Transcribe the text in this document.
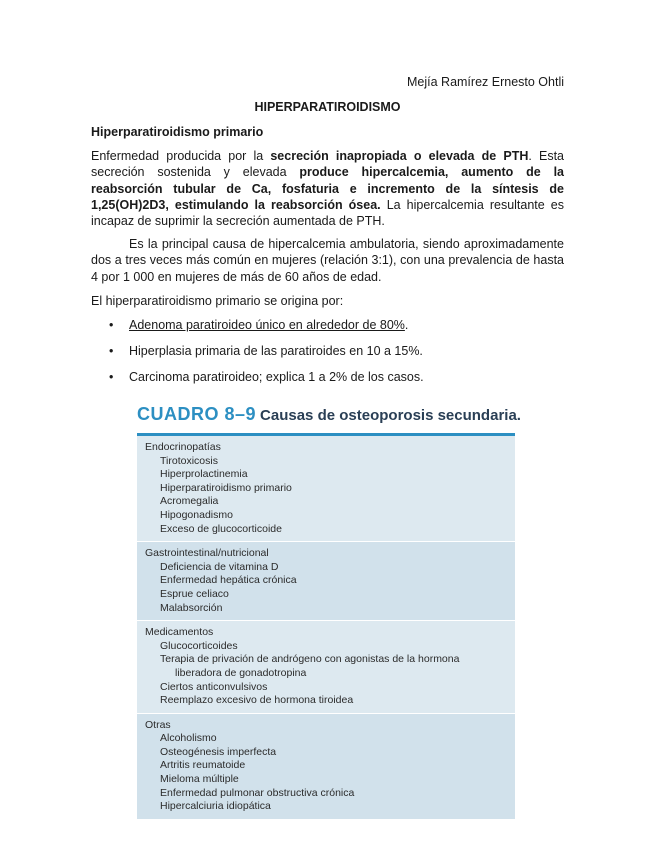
Mejía Ramírez Ernesto Ohtli
HIPERPARATIROIDISMO
Hiperparatiroidismo primario

Enfermedad producida por la secreción inapropiada o elevada de PTH. Esta secreción sostenida y elevada produce hipercalcemia, aumento de la reabsorción tubular de Ca, fosfaturia e incremento de la síntesis de 1,25(OH)2D3, estimulando la reabsorción ósea. La hipercalcemia resultante es incapaz de suprimir la secreción aumentada de PTH.

Es la principal causa de hipercalcemia ambulatoria, siendo aproximadamente dos a tres veces más común en mujeres (relación 3:1), con una prevalencia de hasta 4 por 1 000 en mujeres de más de 60 años de edad.

El hiperparatiroidismo primario se origina por:

• Adenoma paratiroideo único en alrededor de 80%.
• Hiperplasia primaria de las paratiroides en 10 a 15%.
• Carcinoma paratiroideo; explica 1 a 2% de los casos.
CUADRO 8–9 Causas de osteoporosis secundaria.
Endocrinopatías
Tirotoxicosis
Hiperprolactinemia
Hiperparatiroidismo primario
Acromegalia
Hipogonadismo
Exceso de glucocorticoide
Gastrointestinal/nutricional
Deficiencia de vitamina D
Enfermedad hepática crónica
Esprue celiaco
Malabsorción
Medicamentos
Glucocorticoides
Terapia de privación de andrógeno con agonistas de la hormona
liberadora de gonadotropina
Ciertos anticonvulsivos
Reemplazo excesivo de hormona tiroidea
Otras
Alcoholismo
Osteogénesis imperfecta
Artritis reumatoide
Mieloma múltiple
Enfermedad pulmonar obstructiva crónica
Hipercalciuria idiopática
